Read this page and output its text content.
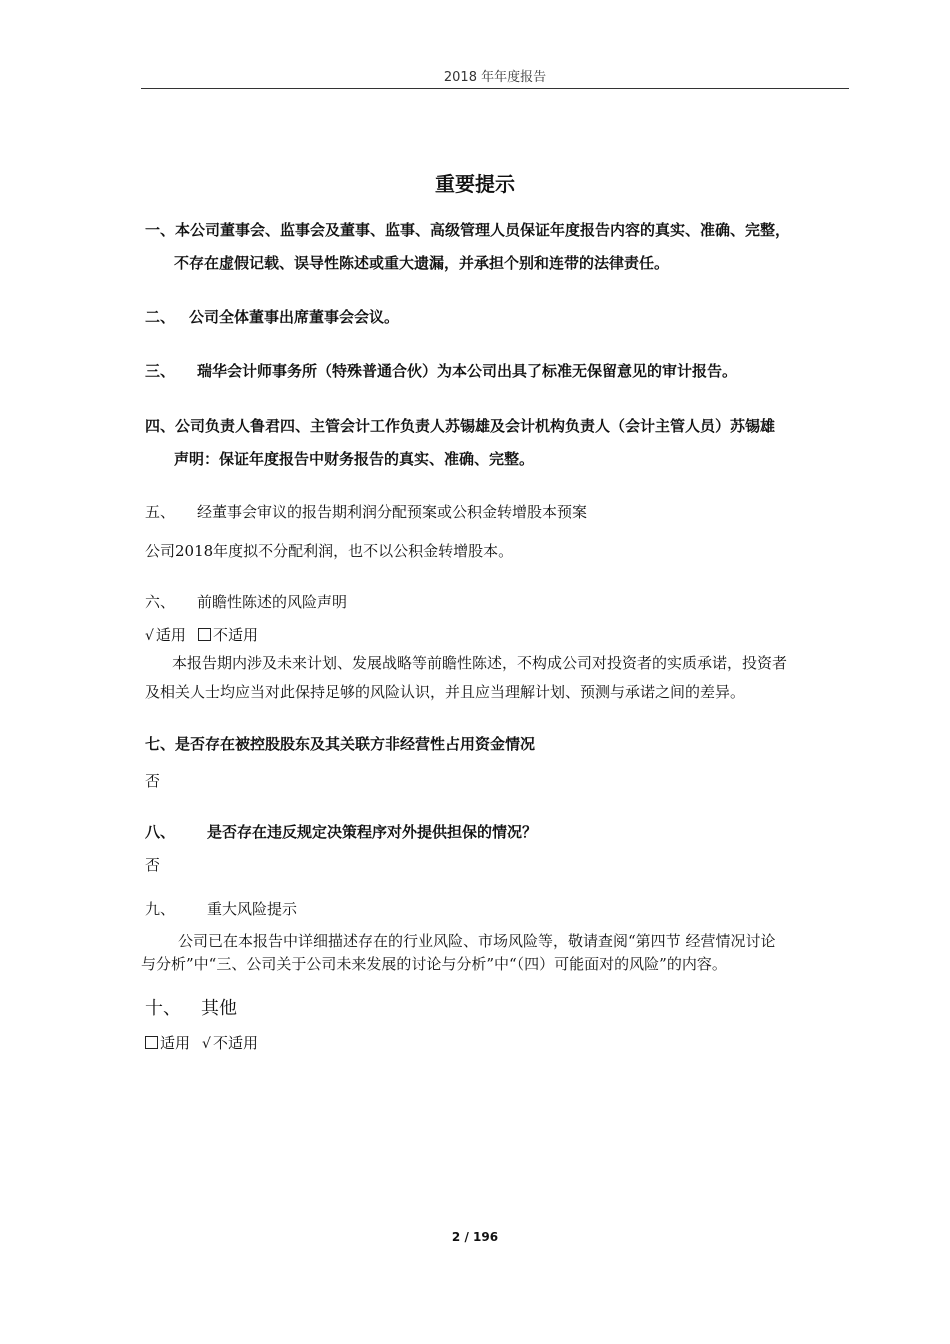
2018 年年度报告
重要提示
一、本公司董事会、监事会及董事、监事、高级管理人员保证年度报告内容的真实、准确、完整，
不存在虚假记载、误导性陈述或重大遗漏，并承担个别和连带的法律责任。
二、 公司全体董事出席董事会会议。
三、 瑞华会计师事务所（特殊普通合伙）为本公司出具了标准无保留意见的审计报告。
四、公司负责人鲁君四、主管会计工作负责人苏锡雄及会计机构负责人（会计主管人员）苏锡雄
声明：保证年度报告中财务报告的真实、准确、完整。
五、 经董事会审议的报告期利润分配预案或公积金转增股本预案
公司2018年度拟不分配利润，也不以公积金转增股本。
六、 前瞻性陈述的风险声明
√ 适用 不适用
本报告期内涉及未来计划、发展战略等前瞻性陈述，不构成公司对投资者的实质承诺，投资者
及相关人士均应当对此保持足够的风险认识，并且应当理解计划、预测与承诺之间的差异。
七、是否存在被控股股东及其关联方非经营性占用资金情况
否
八、 是否存在违反规定决策程序对外提供担保的情况？
否
九、 重大风险提示
公司已在本报告中详细描述存在的行业风险、市场风险等，敬请查阅“第四节 经营情况讨论
与分析”中“三、公司关于公司未来发展的讨论与分析”中“（四）可能面对的风险”的内容。
十、 其他
适用 √ 不适用
2 / 196
